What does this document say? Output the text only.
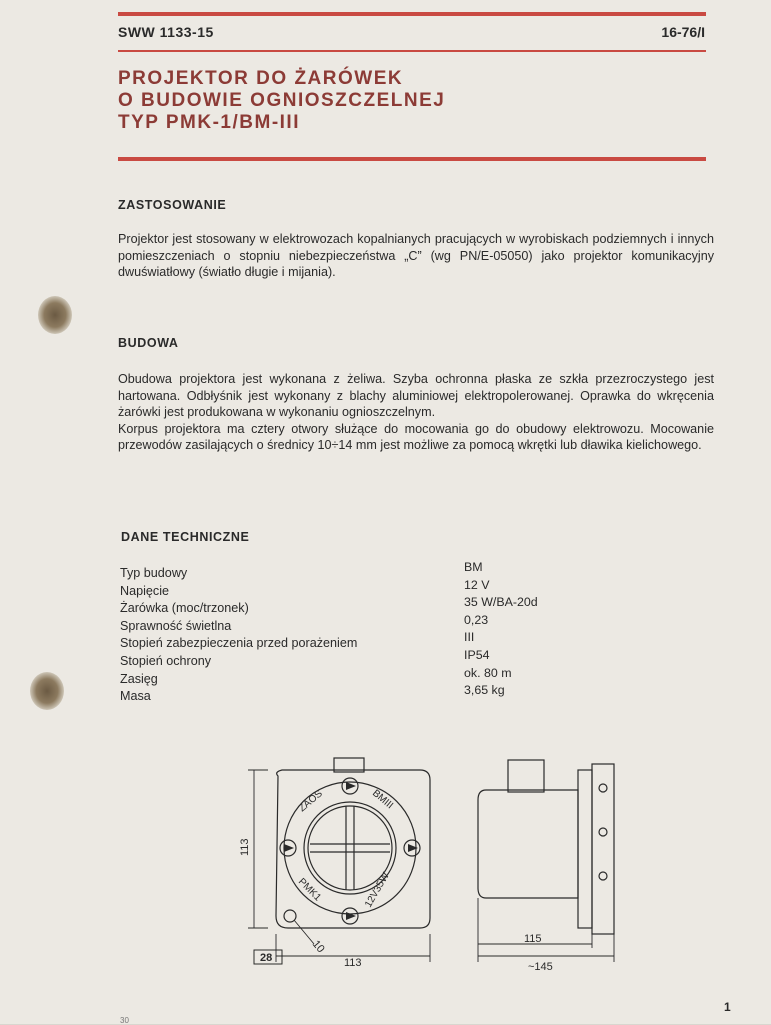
SWW 1133-15	16-76/I
PROJEKTOR DO ŻARÓWEK
O BUDOWIE OGNIOSZCZELNEJ
TYP PMK-1/BM-III
ZASTOSOWANIE

Projektor jest stosowany w elektrowozach kopalnianych pracujących w wyrobiskach podziemnych i innych pomieszczeniach o stopniu niebezpieczeństwa „C” (wg PN/E-05050) jako projektor komunikacyjny dwuświatłowy (światło długie i mijania).

BUDOWA

Obudowa projektora jest wykonana z żeliwa. Szyba ochronna płaska ze szkła przezroczystego jest hartowana. Odbłyśnik jest wykonany z blachy aluminiowej elektropolerowanej. Oprawka do wkręcenia żarówki jest produkowana w wykonaniu ognioszczelnym.

Korpus projektora ma cztery otwory służące do mocowania go do obudowy elektrowozu. Mocowanie przewodów zasilających o średnicy 10÷14 mm jest możliwe za pomocą wkrętki lub dławika kielichowego.

DANE TECHNICZNE
Typ budowy	BM
Napięcie	12 V
Żarówka (moc/trzonek)	35 W/BA-20d
Sprawność świetlna	0,23
Stopień zabezpieczenia przed porażeniem	III
Stopień ochrony	IP54
Zasięg	ok. 80 m
Masa	3,65 kg
113
113
10
28
ZAOS	BMIII
PMK1	12V35W
115
~145
1
30
